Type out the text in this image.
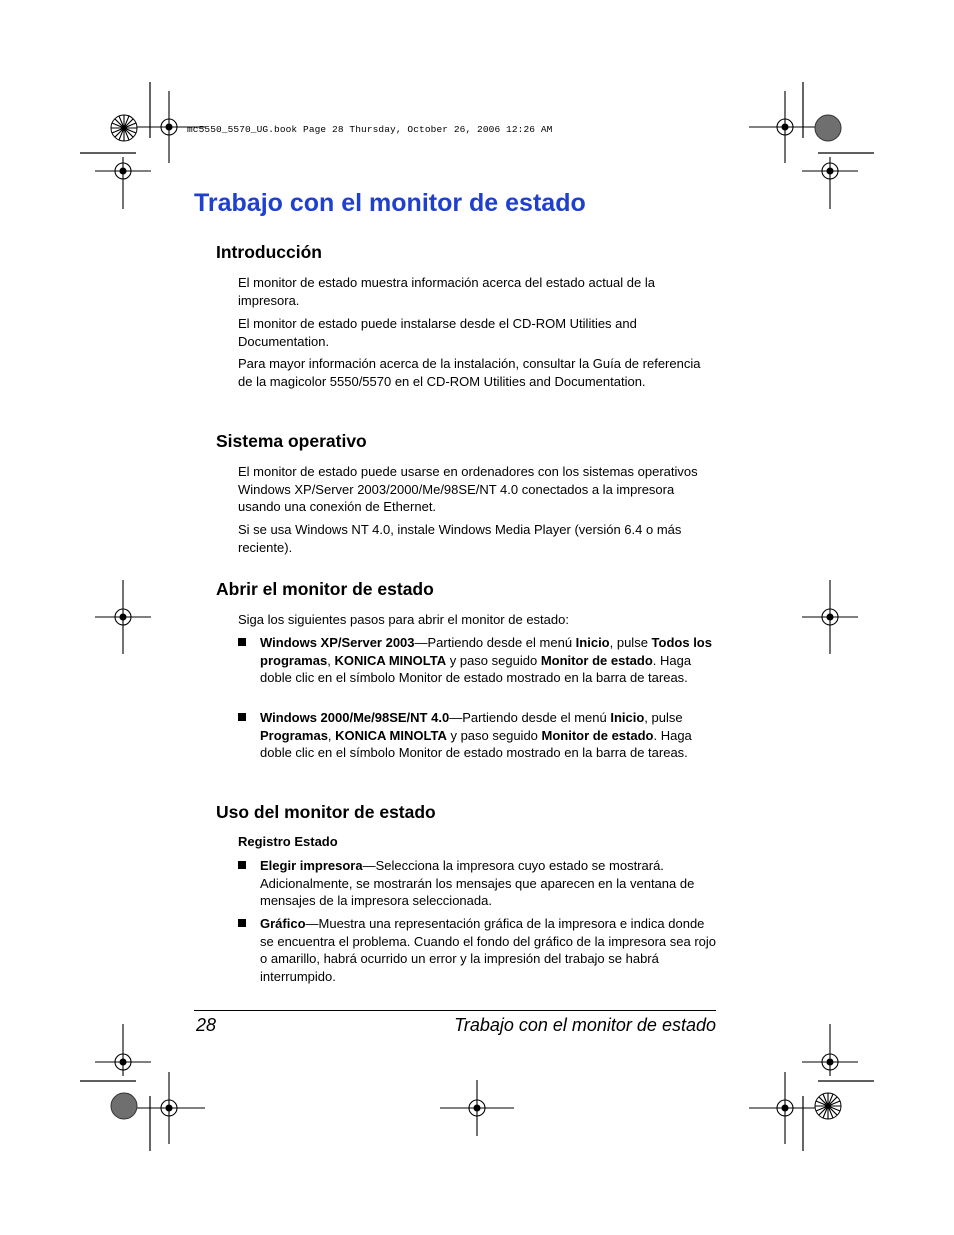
mc5550_5570_UG.book Page 28 Thursday, October 26, 2006 12:26 AM
Trabajo con el monitor de estado
Introducción

El monitor de estado muestra información acerca del estado actual de la impresora.

El monitor de estado puede instalarse desde el CD-ROM Utilities and Documentation.

Para mayor información acerca de la instalación, consultar la Guía de referencia de la magicolor 5550/5570 en el CD-ROM Utilities and Documentation.

Sistema operativo

El monitor de estado puede usarse en ordenadores con los sistemas operativos Windows XP/Server 2003/2000/Me/98SE/NT 4.0 conectados a la impresora usando una conexión de Ethernet.

Si se usa Windows NT 4.0, instale Windows Media Player (versión 6.4 o más reciente).

Abrir el monitor de estado

Siga los siguientes pasos para abrir el monitor de estado:

Windows XP/Server 2003—Partiendo desde el menú Inicio, pulse Todos los programas, KONICA MINOLTA y paso seguido Monitor de estado. Haga doble clic en el símbolo Monitor de estado mostrado en la barra de tareas.
Windows 2000/Me/98SE/NT 4.0—Partiendo desde el menú Inicio, pulse Programas, KONICA MINOLTA y paso seguido Monitor de estado. Haga doble clic en el símbolo Monitor de estado mostrado en la barra de tareas.
Uso del monitor de estado
Registro Estado
Elegir impresora—Selecciona la impresora cuyo estado se mostrará. Adicionalmente, se mostrarán los mensajes que aparecen en la ventana de mensajes de la impresora seleccionada.
Gráfico—Muestra una representación gráfica de la impresora e indica donde se encuentra el problema. Cuando el fondo del gráfico de la impresora sea rojo o amarillo, habrá ocurrido un error y la impresión del trabajo se habrá interrumpido.
28	Trabajo con el monitor de estado
